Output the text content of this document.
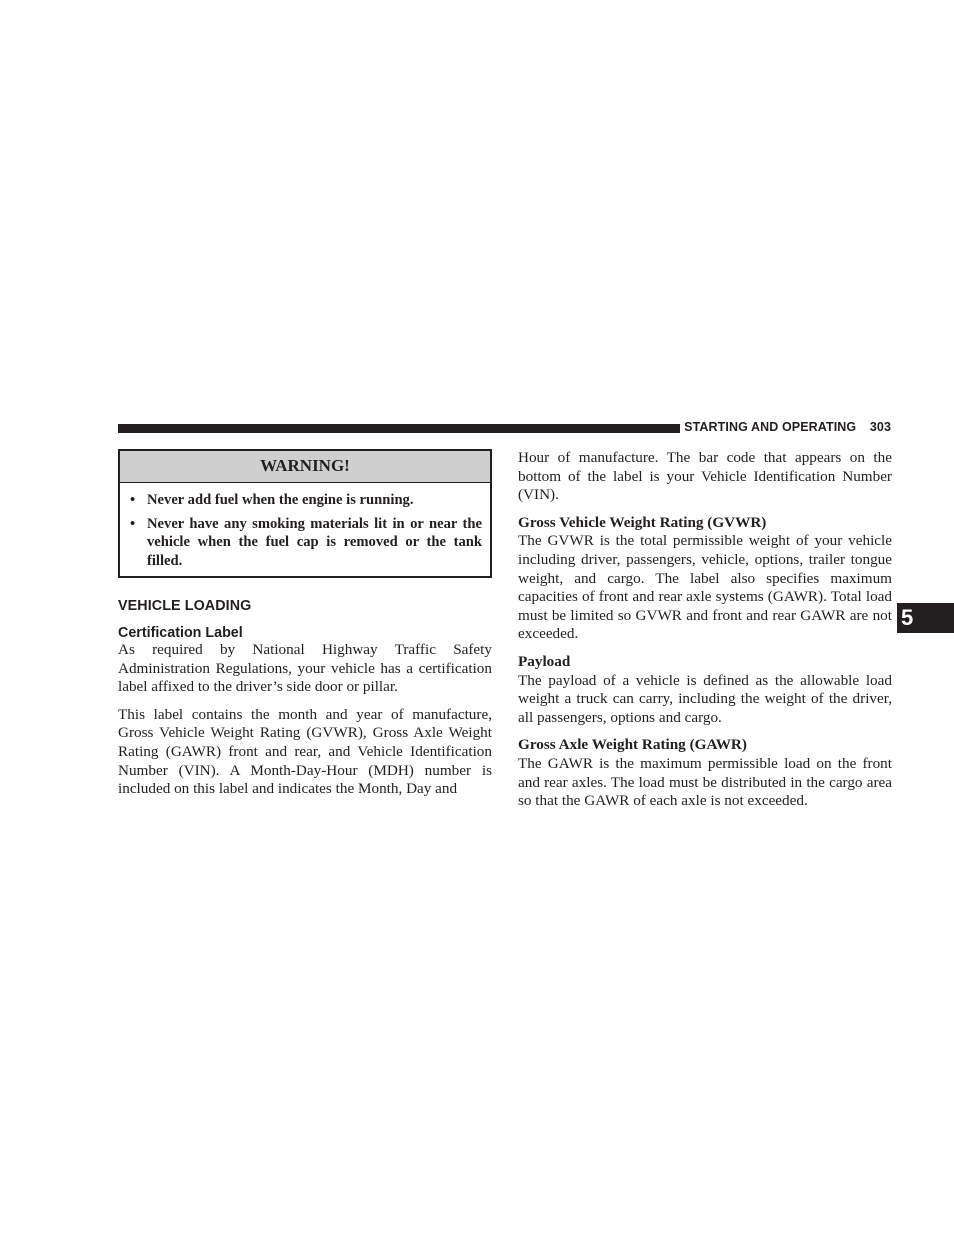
STARTING AND OPERATING 303
5
WARNING!
• Never add fuel when the engine is running.
• Never have any smoking materials lit in or near the vehicle when the fuel cap is removed or the tank filled.
VEHICLE LOADING
Certification Label

As required by National Highway Traffic Safety Administration Regulations, your vehicle has a certification label affixed to the driver’s side door or pillar.

This label contains the month and year of manufacture, Gross Vehicle Weight Rating (GVWR), Gross Axle Weight Rating (GAWR) front and rear, and Vehicle Identification Number (VIN). A Month-Day-Hour (MDH) number is included on this label and indicates the Month, Day and

Hour of manufacture. The bar code that appears on the bottom of the label is your Vehicle Identification Number (VIN).

Gross Vehicle Weight Rating (GVWR)

The GVWR is the total permissible weight of your vehicle including driver, passengers, vehicle, options, trailer tongue weight, and cargo. The label also specifies maximum capacities of front and rear axle systems (GAWR). Total load must be limited so GVWR and front and rear GAWR are not exceeded.

Payload

The payload of a vehicle is defined as the allowable load weight a truck can carry, including the weight of the driver, all passengers, options and cargo.

Gross Axle Weight Rating (GAWR)

The GAWR is the maximum permissible load on the front and rear axles. The load must be distributed in the cargo area so that the GAWR of each axle is not exceeded.
